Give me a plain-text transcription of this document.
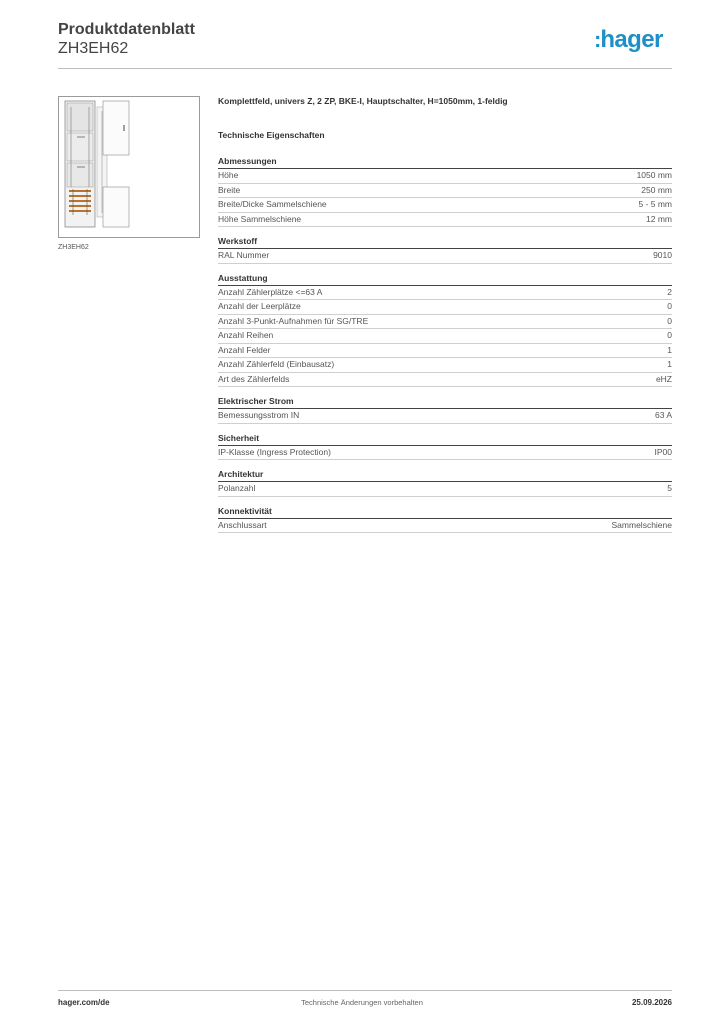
Produktdatenblatt
ZH3EH62	:hager
ZH3EH62
Komplettfeld, univers Z, 2 ZP, BKE-I, Hauptschalter, H=1050mm, 1-feldig
Technische Eigenschaften
Abmessungen
Höhe	1050 mm
Breite	250 mm
Breite/Dicke Sammelschiene	5 - 5 mm
Höhe Sammelschiene	12 mm
Werkstoff
RAL Nummer	9010
Ausstattung
Anzahl Zählerplätze <=63 A	2
Anzahl der Leerplätze	0
Anzahl 3-Punkt-Aufnahmen für SG/TRE	0
Anzahl Reihen	0
Anzahl Felder	1
Anzahl Zählerfeld (Einbausatz)	1
Art des Zählerfelds	eHZ
Elektrischer Strom
Bemessungsstrom IN	63 A
Sicherheit
IP-Klasse (Ingress Protection)	IP00
Architektur
Polanzahl	5
Konnektivität
Anschlussart	Sammelschiene
hager.com/de	Technische Änderungen vorbehalten	25.09.2026
